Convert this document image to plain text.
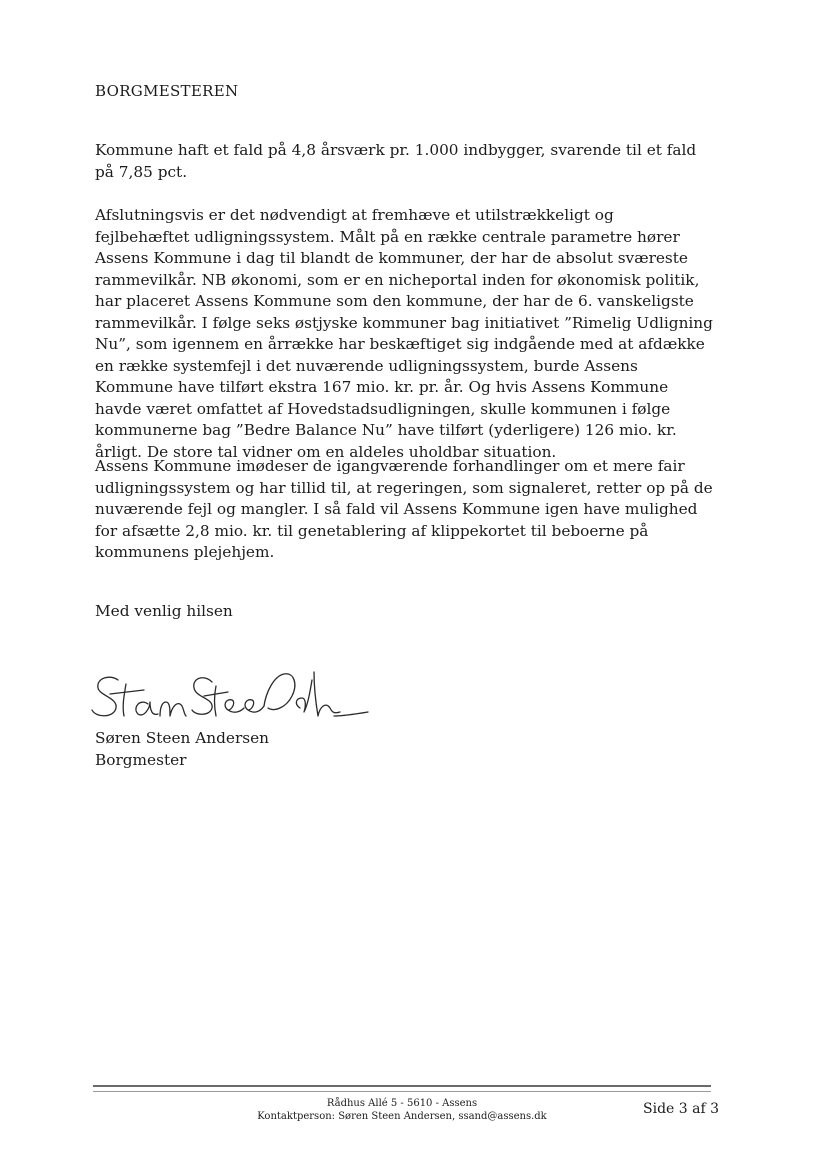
BORGMESTEREN

Kommune haft et fald på 4,8 årsværk pr. 1.000 indbygger, svarende til et fald på 7,85 pct.

Afslutningsvis er det nødvendigt at fremhæve et utilstrækkeligt og fejlbehæftet udligningssystem. Målt på en række centrale parametre hører Assens Kommune i dag til blandt de kommuner, der har de absolut sværeste rammevilkår. NB økonomi, som er en nicheportal inden for økonomisk politik, har placeret Assens Kommune som den kommune, der har de 6. vanskeligste rammevilkår. I følge seks østjyske kommuner bag initiativet ”Rimelig Udligning Nu”, som igennem en årrække har beskæftiget sig indgående med at afdække en række systemfejl i det nuværende udligningssystem, burde Assens Kommune have tilført ekstra 167 mio. kr. pr. år. Og hvis Assens Kommune havde været omfattet af Hovedstadsudligningen, skulle kommunen i følge kommunerne bag ”Bedre Balance Nu” have tilført (yderligere) 126 mio. kr. årligt. De store tal vidner om en aldeles uholdbar situation.

Assens Kommune imødeser de igangværende forhandlinger om et mere fair udligningssystem og har tillid til, at regeringen, som signaleret, retter op på de nuværende fejl og mangler. I så fald vil Assens Kommune igen have mulighed for afsætte 2,8 mio. kr. til genetablering af klippekortet til beboerne på kommunens plejehjem.

Med venlig hilsen
Søren Steen Andersen
Borgmester
Rådhus Allé 5 - 5610 - Assens
Kontaktperson: Søren Steen Andersen, ssand@assens.dk	Side 3 af 3
